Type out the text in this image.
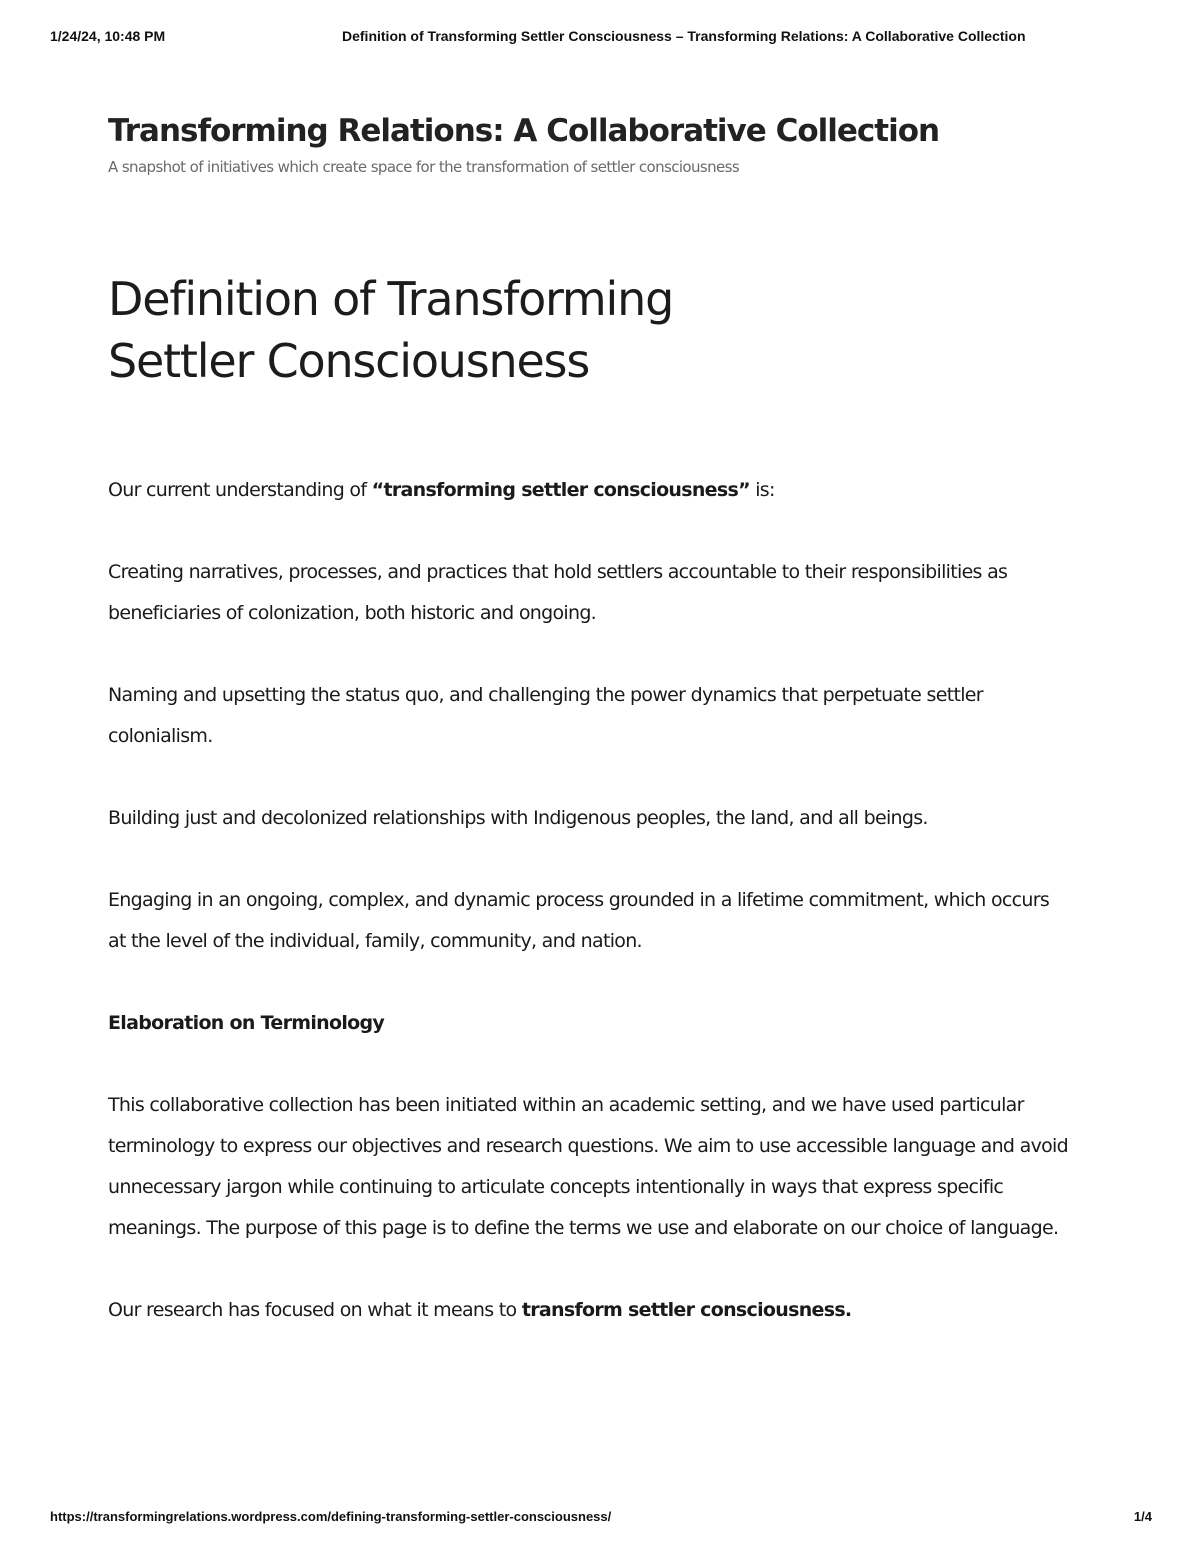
1/24/24, 10:48 PM	Definition of Transforming Settler Consciousness – Transforming Relations: A Collaborative Collection
Transforming Relations: A Collaborative Collection
A snapshot of initiatives which create space for the transformation of settler consciousness
Definition of Transforming
Settler Consciousness

Our current understanding of “transforming settler consciousness” is:

Creating narratives, processes, and practices that hold settlers accountable to their responsibilities as beneficiaries of colonization, both historic and ongoing.

Naming and upsetting the status quo, and challenging the power dynamics that perpetuate settler colonialism.

Building just and decolonized relationships with Indigenous peoples, the land, and all beings.

Engaging in an ongoing, complex, and dynamic process grounded in a lifetime commitment, which occurs at the level of the individual, family, community, and nation.

Elaboration on Terminology

This collaborative collection has been initiated within an academic setting, and we have used particular terminology to express our objectives and research questions. We aim to use accessible language and avoid unnecessary jargon while continuing to articulate concepts intentionally in ways that express specific meanings. The purpose of this page is to define the terms we use and elaborate on our choice of language.

Our research has focused on what it means to transform settler consciousness.

https://transformingrelations.wordpress.com/defining-transforming-settler-consciousness/	1/4
